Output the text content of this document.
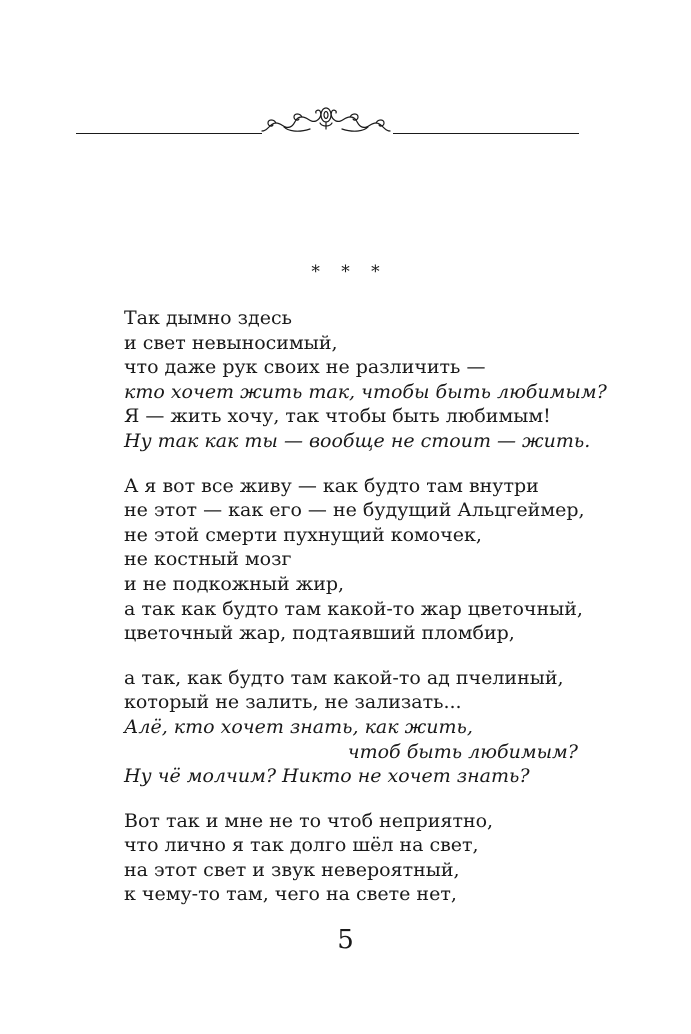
* * *
Так дымно здесь
и свет невыносимый,
что даже рук своих не различить —
кто хочет жить так, чтобы быть любимым?
Я — жить хочу, так чтобы быть любимым!
Ну так как ты — вообще не стоит — жить.
А я вот все живу — как будто там внутри
не этот — как его — не будущий Альцгеймер,
не этой смерти пухнущий комочек,
не костный мозг
и не подкожный жир,
а так как будто там какой-то жар цветочный,
цветочный жар, подтаявший пломбир,
а так, как будто там какой-то ад пчелиный,
который не залить, не зализать...
Алё, кто хочет знать, как жить,
чтоб быть любимым?
Ну чё молчим? Никто не хочет знать?
Вот так и мне не то чтоб неприятно,
что лично я так долго шёл на свет,
на этот свет и звук невероятный,
к чему-то там, чего на свете нет,
5
